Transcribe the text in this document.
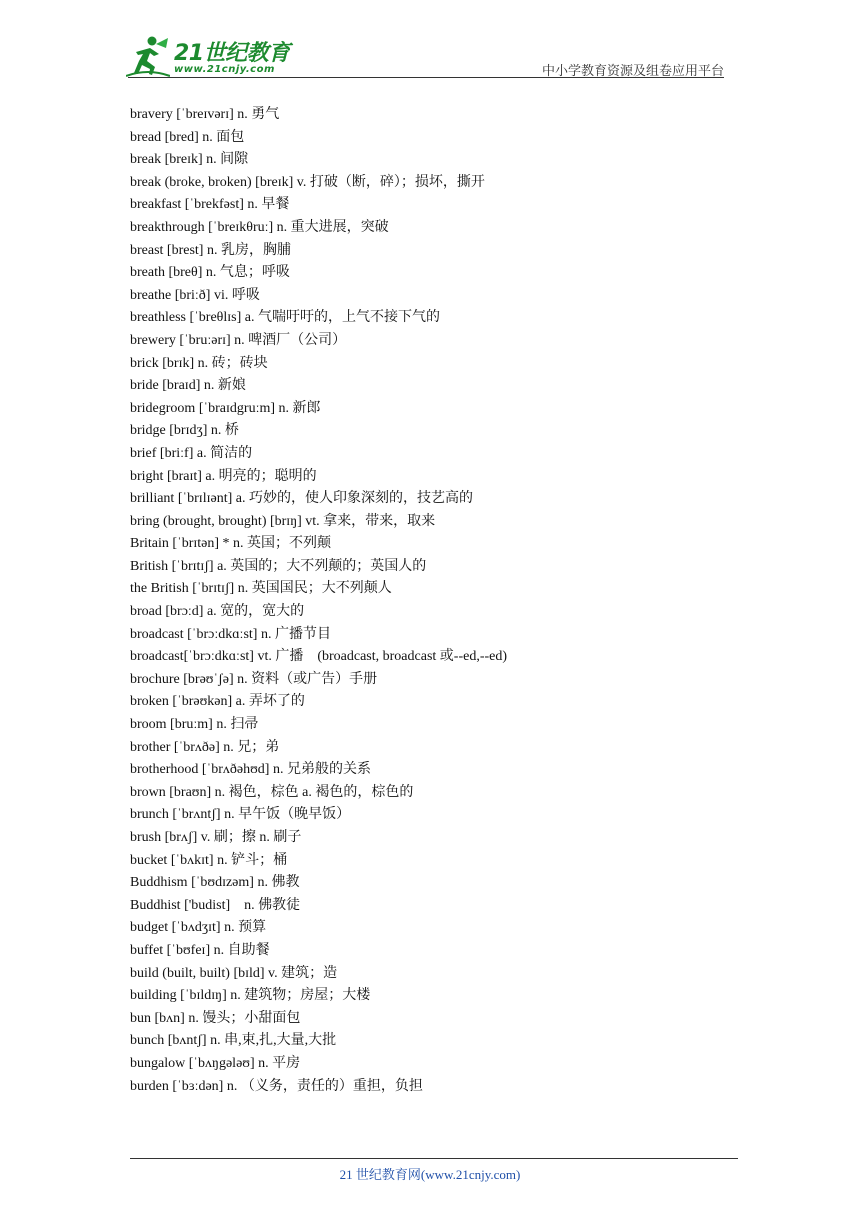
21世纪教育
www.21cnjy.com	中小学教育资源及组卷应用平台
bravery [ˈbreɪvərɪ] n. 勇气
bread [bred] n. 面包
break [breɪk] n. 间隙
break (broke, broken) [breɪk] v. 打破（断，碎）；损坏，撕开
breakfast [ˈbrekfəst] n. 早餐
breakthrough [ˈbreɪkθruː] n. 重大进展，突破
breast [brest] n. 乳房，胸脯
breath [breθ] n. 气息；呼吸
breathe [briːð] vi. 呼吸
breathless [ˈbreθlɪs] a. 气喘吁吁的，上气不接下气的
brewery [ˈbruːərɪ] n. 啤酒厂（公司）
brick [brɪk] n. 砖；砖块
bride [braɪd] n. 新娘
bridegroom [ˈbraɪdgruːm] n. 新郎
bridge [brɪdʒ] n. 桥
brief [briːf] a. 简洁的
bright [braɪt] a. 明亮的；聪明的
brilliant [ˈbrɪlɪənt] a. 巧妙的，使人印象深刻的，技艺高的
bring (brought, brought) [brɪŋ] vt. 拿来，带来，取来
Britain [ˈbrɪtən] * n. 英国；不列颠
British [ˈbrɪtɪʃ] a. 英国的；大不列颠的；英国人的
the British [ˈbrɪtɪʃ] n. 英国国民；大不列颠人
broad [brɔːd] a. 宽的，宽大的
broadcast [ˈbrɔːdkɑːst] n. 广播节目
broadcast[ˈbrɔːdkɑːst] vt. 广播　(broadcast, broadcast 或--ed,--ed)
brochure [brəʊˈʃə] n. 资料（或广告）手册
broken [ˈbrəʊkən] a. 弄坏了的
broom [bruːm] n. 扫帚
brother [ˈbrʌðə] n. 兄；弟
brotherhood [ˈbrʌðəhʊd] n. 兄弟般的关系
brown [braʊn] n. 褐色，棕色 a. 褐色的，棕色的
brunch [ˈbrʌntʃ] n. 早午饭（晚早饭）
brush [brʌʃ] v. 刷；擦 n. 刷子
bucket [ˈbʌkɪt] n. 铲斗；桶
Buddhism [ˈbʊdɪzəm] n. 佛教
Buddhist ['budist]　n. 佛教徒
budget [ˈbʌdʒɪt] n. 预算
buffet [ˈbʊfeɪ] n. 自助餐
build (built, built) [bɪld] v. 建筑；造
building [ˈbɪldɪŋ] n. 建筑物；房屋；大楼
bun [bʌn] n. 馒头；小甜面包
bunch [bʌntʃ] n. 串,束,扎,大量,大批
bungalow [ˈbʌŋgələʊ] n. 平房
burden [ˈbɜːdən] n. （义务，责任的）重担，负担
21 世纪教育网(www.21cnjy.com)
